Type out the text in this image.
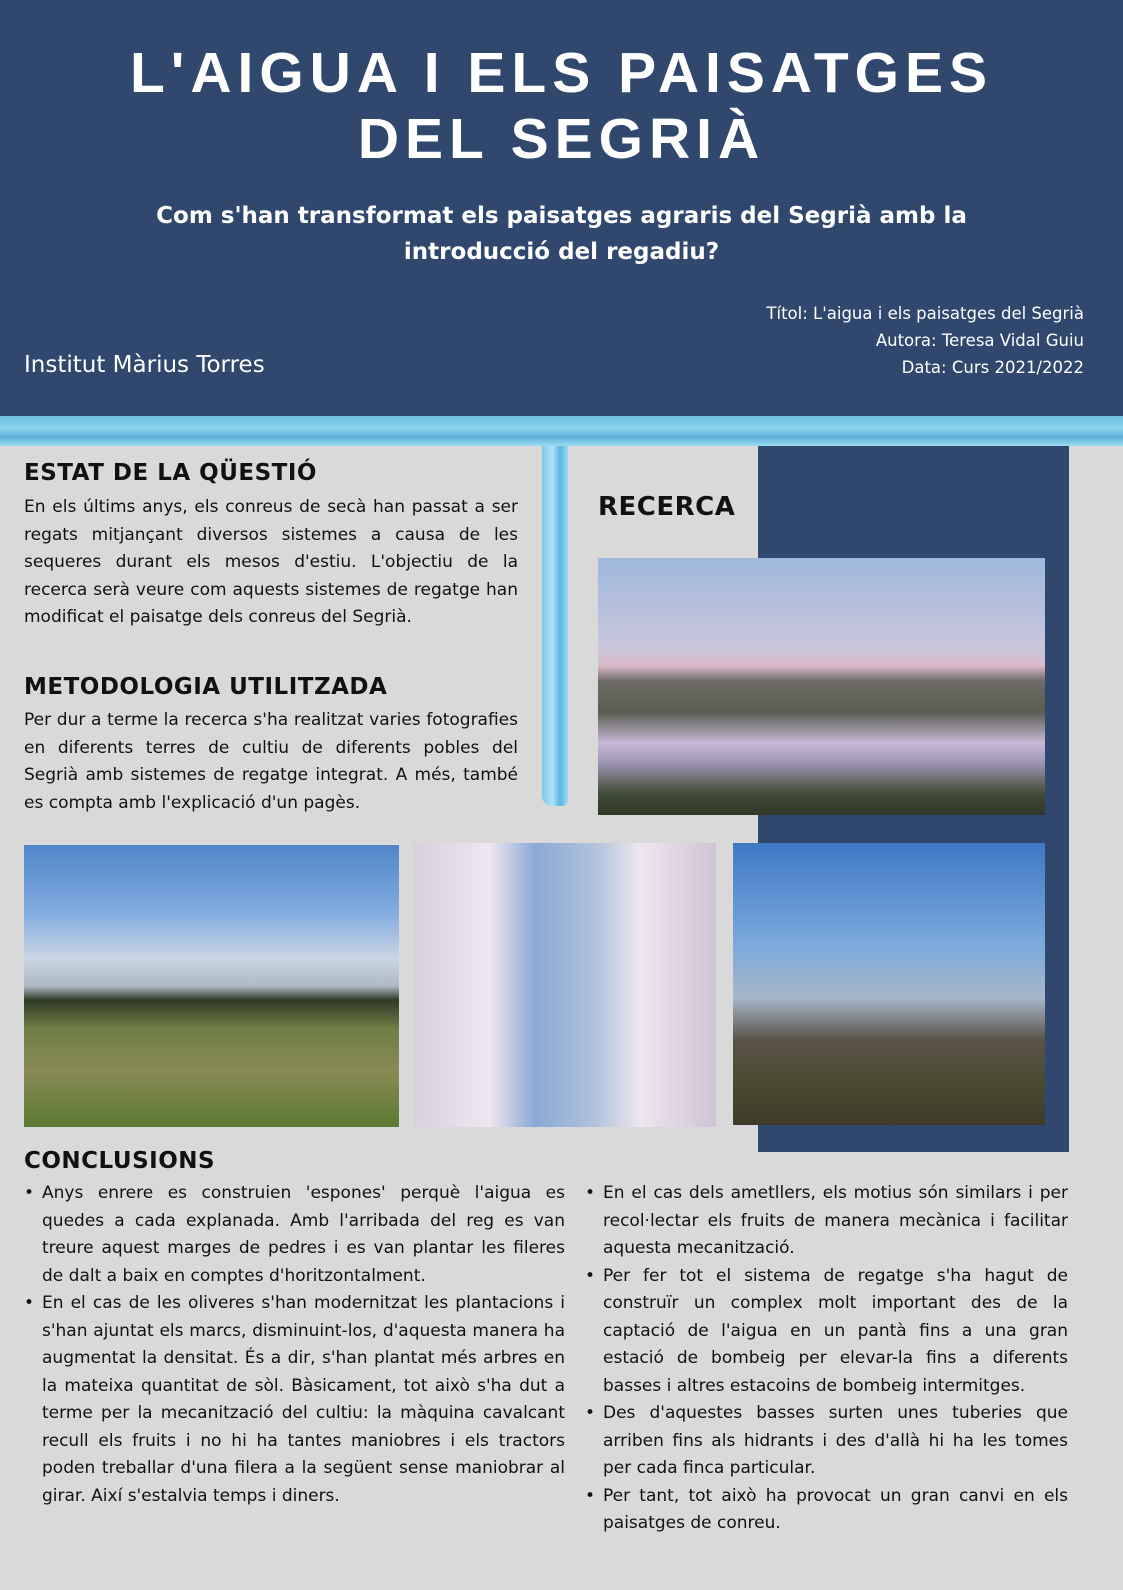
L'AIGUA I ELS PAISATGES
DEL SEGRIÀ
Com s'han transformat els paisatges agraris del Segrià amb la introducció del regadiu?
Institut Màrius Torres
Títol: L'aigua i els paisatges del Segrià
Autora: Teresa Vidal Guiu
Data: Curs 2021/2022
ESTAT DE LA QÜESTIÓ
En els últims anys, els conreus de secà han passat a ser regats mitjançant diversos sistemes a causa de les sequeres durant els mesos d'estiu. L'objectiu de la recerca serà veure com aquests sistemes de regatge han modificat el paisatge dels conreus del Segrià.
METODOLOGIA UTILITZADA
Per dur a terme la recerca s'ha realitzat varies fotografies en diferents terres de cultiu de diferents pobles del Segrià amb sistemes de regatge integrat. A més, també es compta amb l'explicació d'un pagès.
RECERCA
CONCLUSIONS
• Anys enrere es construien 'espones' perquè l'aigua es quedes a cada explanada. Amb l'arribada del reg es van treure aquest marges de pedres i es van plantar les fileres de dalt a baix en comptes d'horitzontalment.
• En el cas de les oliveres s'han modernitzat les plantacions i s'han ajuntat els marcs, disminuint-los, d'aquesta manera ha augmentat la densitat. És a dir, s'han plantat més arbres en la mateixa quantitat de sòl. Bàsicament, tot això s'ha dut a terme per la mecanització del cultiu: la màquina cavalcant recull els fruits i no hi ha tantes maniobres i els tractors poden treballar d'una filera a la següent sense maniobrar al girar. Així s'estalvia temps i diners.
• En el cas dels ametllers, els motius són similars i per recol·lectar els fruits de manera mecànica i facilitar aquesta mecanització.
• Per fer tot el sistema de regatge s'ha hagut de construïr un complex molt important des de la captació de l'aigua en un pantà fins a una gran estació de bombeig per elevar-la fins a diferents basses i altres estacoins de bombeig intermitges.
• Des d'aquestes basses surten unes tuberies que arriben fins als hidrants i des d'allà hi ha les tomes per cada finca particular.
• Per tant, tot això ha provocat un gran canvi en els paisatges de conreu.
